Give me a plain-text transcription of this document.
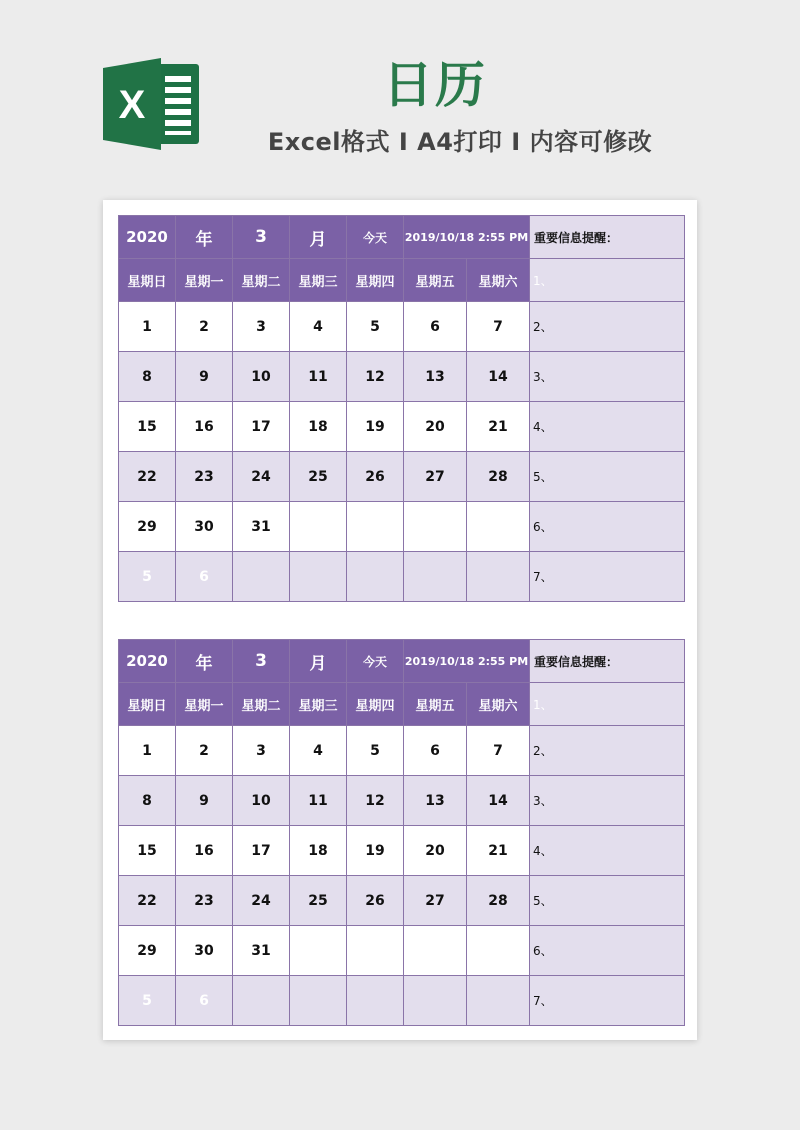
X	日历
Excel格式 I A4打印 I 内容可修改
2020	年	3	月	今天	2019/10/18 2:55 PM		重要信息提醒：
星期日	星期一	星期二	星期三	星期四	星期五	星期六	1、
1	2	3	4	5	6	7	2、
8	9	10	11	12	13	14	3、
15	16	17	18	19	20	21	4、
22	23	24	25	26	27	28	5、
29	30	31					6、
5	6						7、
2020	年	3	月	今天	2019/10/18 2:55 PM		重要信息提醒：
星期日	星期一	星期二	星期三	星期四	星期五	星期六	1、
1	2	3	4	5	6	7	2、
8	9	10	11	12	13	14	3、
15	16	17	18	19	20	21	4、
22	23	24	25	26	27	28	5、
29	30	31					6、
5	6						7、
